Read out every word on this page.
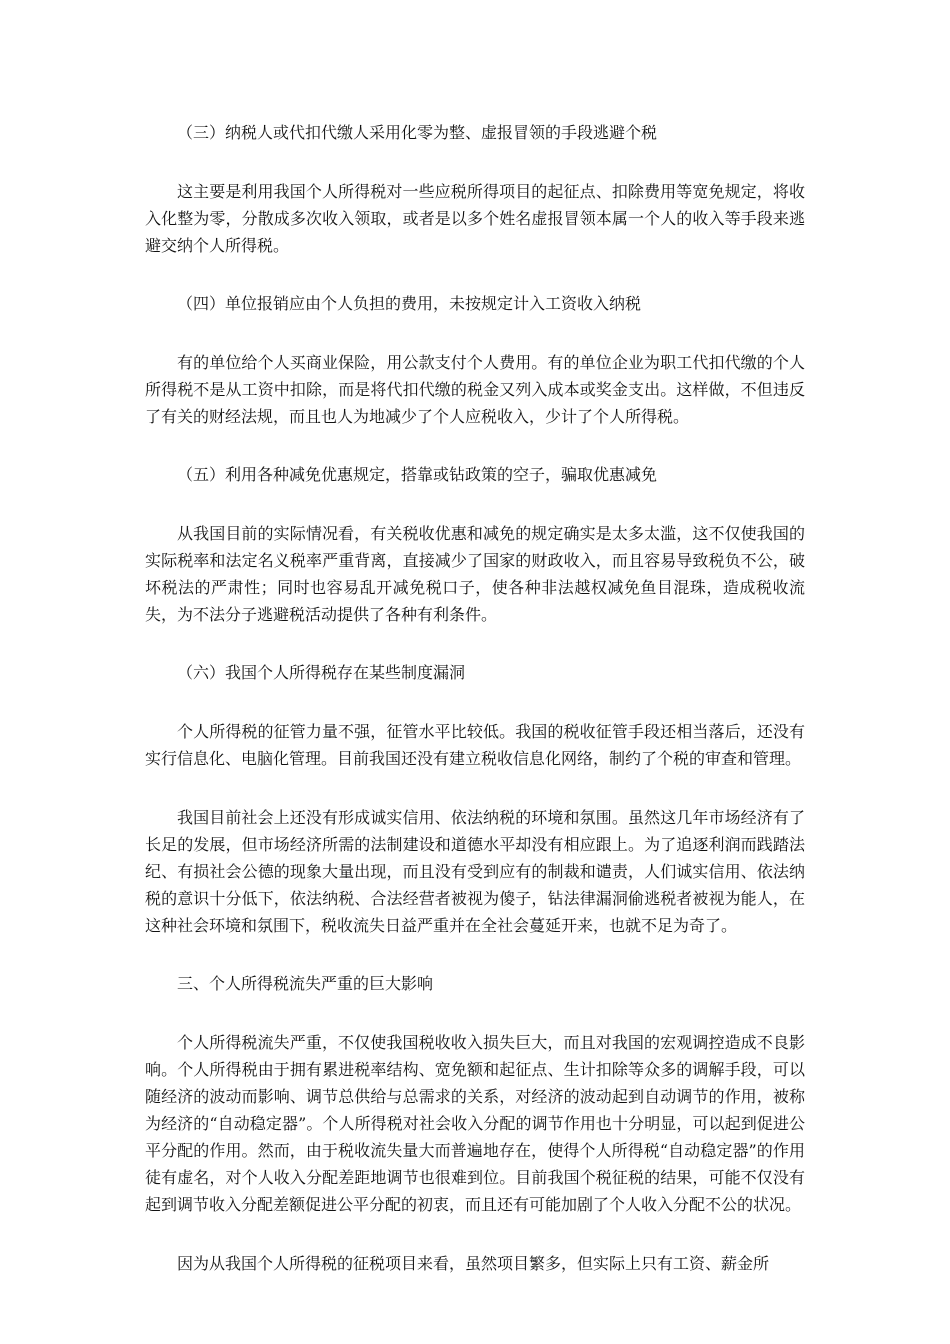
（三）纳税人或代扣代缴人采用化零为整、虚报冒领的手段逃避个税

这主要是利用我国个人所得税对一些应税所得项目的起征点、扣除费用等宽免规定，将收入化整为零，分散成多次收入领取，或者是以多个姓名虚报冒领本属一个人的收入等手段来逃避交纳个人所得税。

（四）单位报销应由个人负担的费用，未按规定计入工资收入纳税

有的单位给个人买商业保险，用公款支付个人费用。有的单位企业为职工代扣代缴的个人所得税不是从工资中扣除，而是将代扣代缴的税金又列入成本或奖金支出。这样做，不但违反了有关的财经法规，而且也人为地减少了个人应税收入，少计了个人所得税。

（五）利用各种减免优惠规定，搭靠或钻政策的空子，骗取优惠减免

从我国目前的实际情况看，有关税收优惠和减免的规定确实是太多太滥，这不仅使我国的实际税率和法定名义税率严重背离，直接减少了国家的财政收入，而且容易导致税负不公，破坏税法的严肃性；同时也容易乱开减免税口子，使各种非法越权减免鱼目混珠，造成税收流失，为不法分子逃避税活动提供了各种有利条件。

（六）我国个人所得税存在某些制度漏洞

个人所得税的征管力量不强，征管水平比较低。我国的税收征管手段还相当落后，还没有实行信息化、电脑化管理。目前我国还没有建立税收信息化网络，制约了个税的审查和管理。

我国目前社会上还没有形成诚实信用、依法纳税的环境和氛围。虽然这几年市场经济有了长足的发展，但市场经济所需的法制建设和道德水平却没有相应跟上。为了追逐利润而践踏法纪、有损社会公德的现象大量出现，而且没有受到应有的制裁和谴责，人们诚实信用、依法纳税的意识十分低下，依法纳税、合法经营者被视为傻子，钻法律漏洞偷逃税者被视为能人，在这种社会环境和氛围下，税收流失日益严重并在全社会蔓延开来，也就不足为奇了。

三、个人所得税流失严重的巨大影响

个人所得税流失严重，不仅使我国税收收入损失巨大，而且对我国的宏观调控造成不良影响。个人所得税由于拥有累进税率结构、宽免额和起征点、生计扣除等众多的调解手段，可以随经济的波动而影响、调节总供给与总需求的关系，对经济的波动起到自动调节的作用，被称为经济的“自动稳定器”。个人所得税对社会收入分配的调节作用也十分明显，可以起到促进公平分配的作用。然而，由于税收流失量大而普遍地存在，使得个人所得税“自动稳定器”的作用徒有虚名，对个人收入分配差距地调节也很难到位。目前我国个税征税的结果，可能不仅没有起到调节收入分配差额促进公平分配的初衷，而且还有可能加剧了个人收入分配不公的状况。

因为从我国个人所得税的征税项目来看，虽然项目繁多，但实际上只有工资、薪金所
